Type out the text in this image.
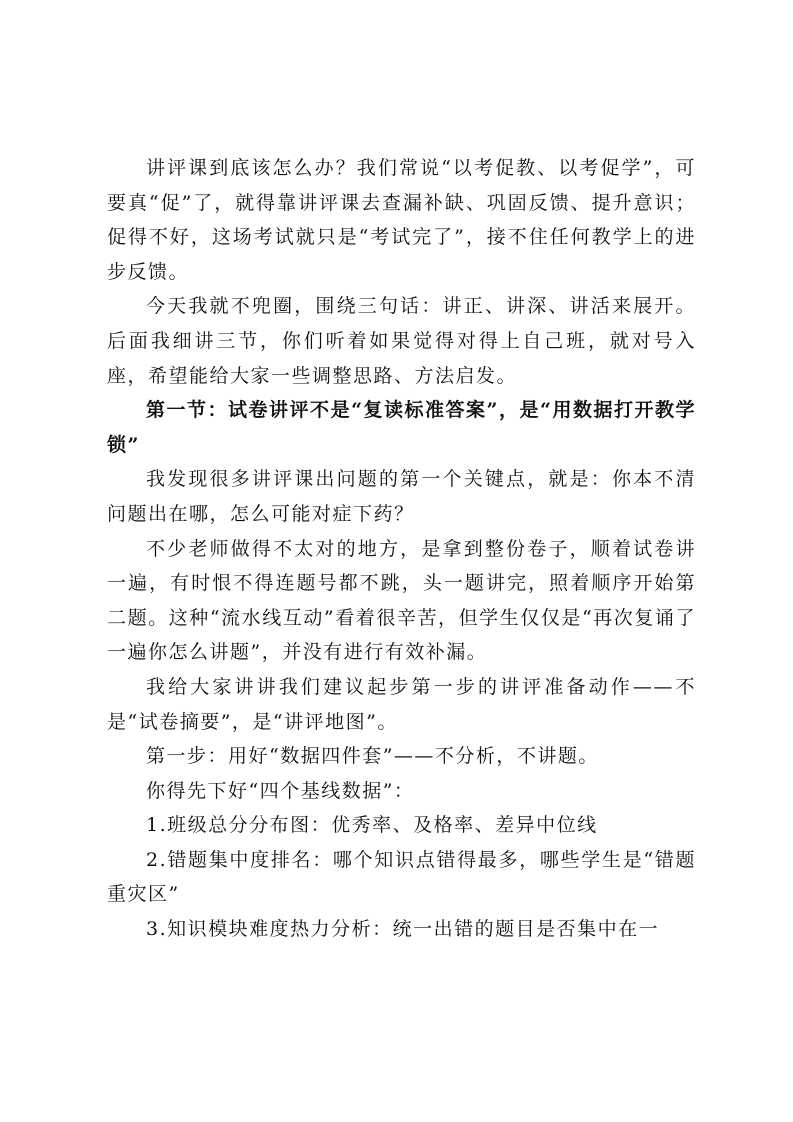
讲评课到底该怎么办？我们常说“以考促教、以考促学”，可要真“促”了，就得靠讲评课去查漏补缺、巩固反馈、提升意识；促得不好，这场考试就只是“考试完了”，接不住任何教学上的进步反馈。

今天我就不兜圈，围绕三句话：讲正、讲深、讲活来展开。后面我细讲三节，你们听着如果觉得对得上自己班，就对号入座，希望能给大家一些调整思路、方法启发。

第一节：试卷讲评不是“复读标准答案”，是“用数据打开教学锁”

我发现很多讲评课出问题的第一个关键点，就是：你本不清问题出在哪，怎么可能对症下药？

不少老师做得不太对的地方，是拿到整份卷子，顺着试卷讲一遍，有时恨不得连题号都不跳，头一题讲完，照着顺序开始第二题。这种“流水线互动”看着很辛苦，但学生仅仅是“再次复诵了一遍你怎么讲题”，并没有进行有效补漏。

我给大家讲讲我们建议起步第一步的讲评准备动作——不是“试卷摘要”，是“讲评地图”。

第一步：用好“数据四件套”——不分析，不讲题。

你得先下好“四个基线数据”：

1.班级总分分布图：优秀率、及格率、差异中位线

2.错题集中度排名：哪个知识点错得最多，哪些学生是“错题重灾区”

3.知识模块难度热力分析：统一出错的题目是否集中在一
